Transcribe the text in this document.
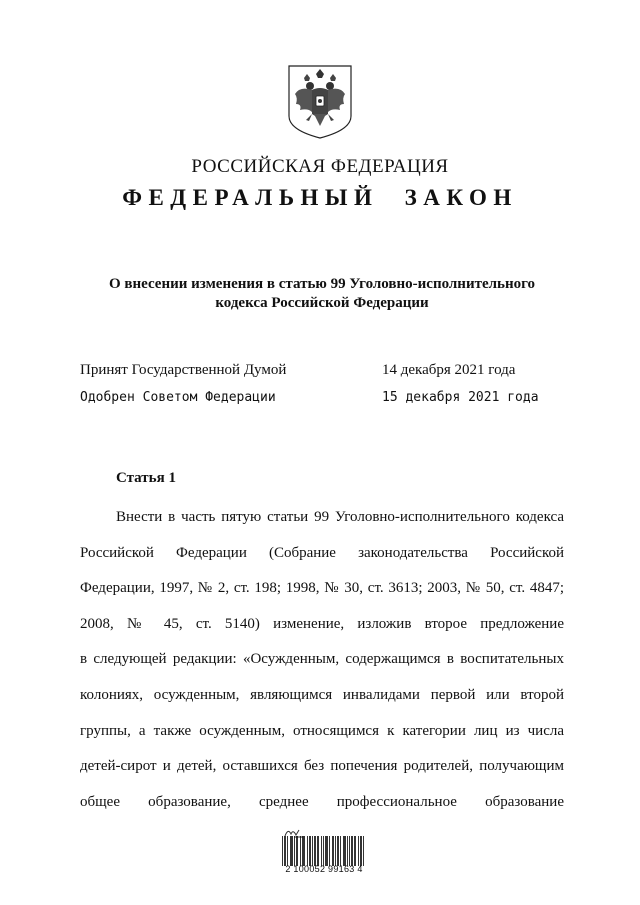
РОССИЙСКАЯ ФЕДЕРАЦИЯ
ФЕДЕРАЛЬНЫЙ ЗАКОН
О внесении изменения в статью 99 Уголовно-исполнительного
кодекса Российской Федерации
Принят Государственной Думой	14 декабря 2021 года
Одобрен Советом Федерации	15 декабря 2021 года
Статья 1
Внести в часть пятую статьи 99 Уголовно-исполнительного кодекса
Российской Федерации (Собрание законодательства Российской
Федерации, 1997, № 2, ст. 198; 1998, № 30, ст. 3613; 2003, № 50, ст. 4847;
2008, № 45, ст. 5140) изменение, изложив второе предложение
в следующей редакции: «Осужденным, содержащимся в воспитательных
колониях, осужденным, являющимся инвалидами первой или второй
группы, а также осужденным, относящимся к категории лиц из числа
детей-сирот и детей, оставшихся без попечения родителей, получающим
общее образование, среднее профессиональное образование
2 100052 99163 4
